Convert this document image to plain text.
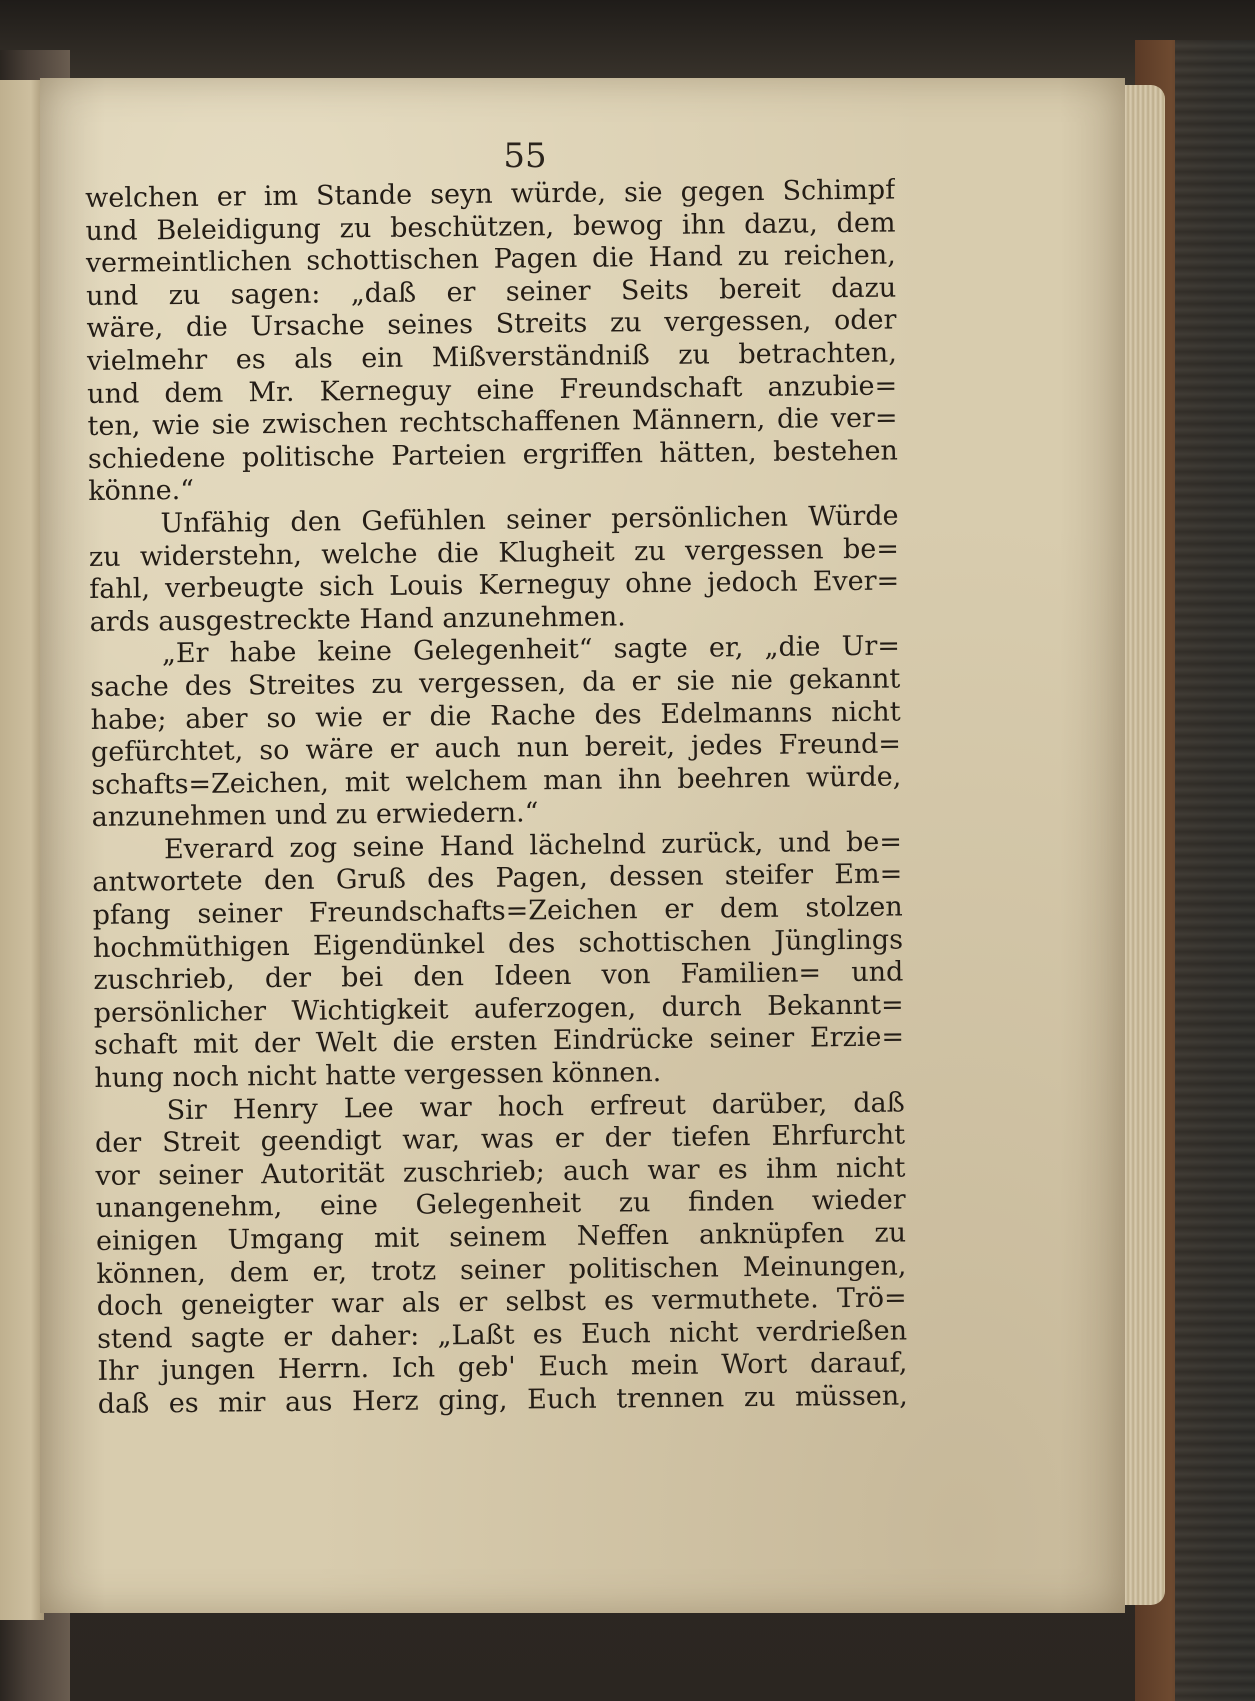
55
welchen er im Stande seyn würde, sie gegen Schimpf
und Beleidigung zu beschützen, bewog ihn dazu, dem
vermeintlichen schottischen Pagen die Hand zu reichen,
und zu sagen: „daß er seiner Seits bereit dazu
wäre, die Ursache seines Streits zu vergessen, oder
vielmehr es als ein Mißverständniß zu betrachten,
und dem Mr. Kerneguy eine Freundschaft anzubie=
ten, wie sie zwischen rechtschaffenen Männern, die ver=
schiedene politische Parteien ergriffen hätten, bestehen
könne.“
Unfähig den Gefühlen seiner persönlichen Würde
zu widerstehn, welche die Klugheit zu vergessen be=
fahl, verbeugte sich Louis Kerneguy ohne jedoch Ever=
ards ausgestreckte Hand anzunehmen.
„Er habe keine Gelegenheit“ sagte er, „die Ur=
sache des Streites zu vergessen, da er sie nie gekannt
habe; aber so wie er die Rache des Edelmanns nicht
gefürchtet, so wäre er auch nun bereit, jedes Freund=
schafts=Zeichen, mit welchem man ihn beehren würde,
anzunehmen und zu erwiedern.“
Everard zog seine Hand lächelnd zurück, und be=
antwortete den Gruß des Pagen, dessen steifer Em=
pfang seiner Freundschafts=Zeichen er dem stolzen
hochmüthigen Eigendünkel des schottischen Jünglings
zuschrieb, der bei den Ideen von Familien= und
persönlicher Wichtigkeit auferzogen, durch Bekannt=
schaft mit der Welt die ersten Eindrücke seiner Erzie=
hung noch nicht hatte vergessen können.
Sir Henry Lee war hoch erfreut darüber, daß
der Streit geendigt war, was er der tiefen Ehrfurcht
vor seiner Autorität zuschrieb; auch war es ihm nicht
unangenehm, eine Gelegenheit zu finden wieder
einigen Umgang mit seinem Neffen anknüpfen zu
können, dem er, trotz seiner politischen Meinungen,
doch geneigter war als er selbst es vermuthete. Trö=
stend sagte er daher: „Laßt es Euch nicht verdrießen
Ihr jungen Herrn. Ich geb' Euch mein Wort darauf,
daß es mir aus Herz ging, Euch trennen zu müssen,
